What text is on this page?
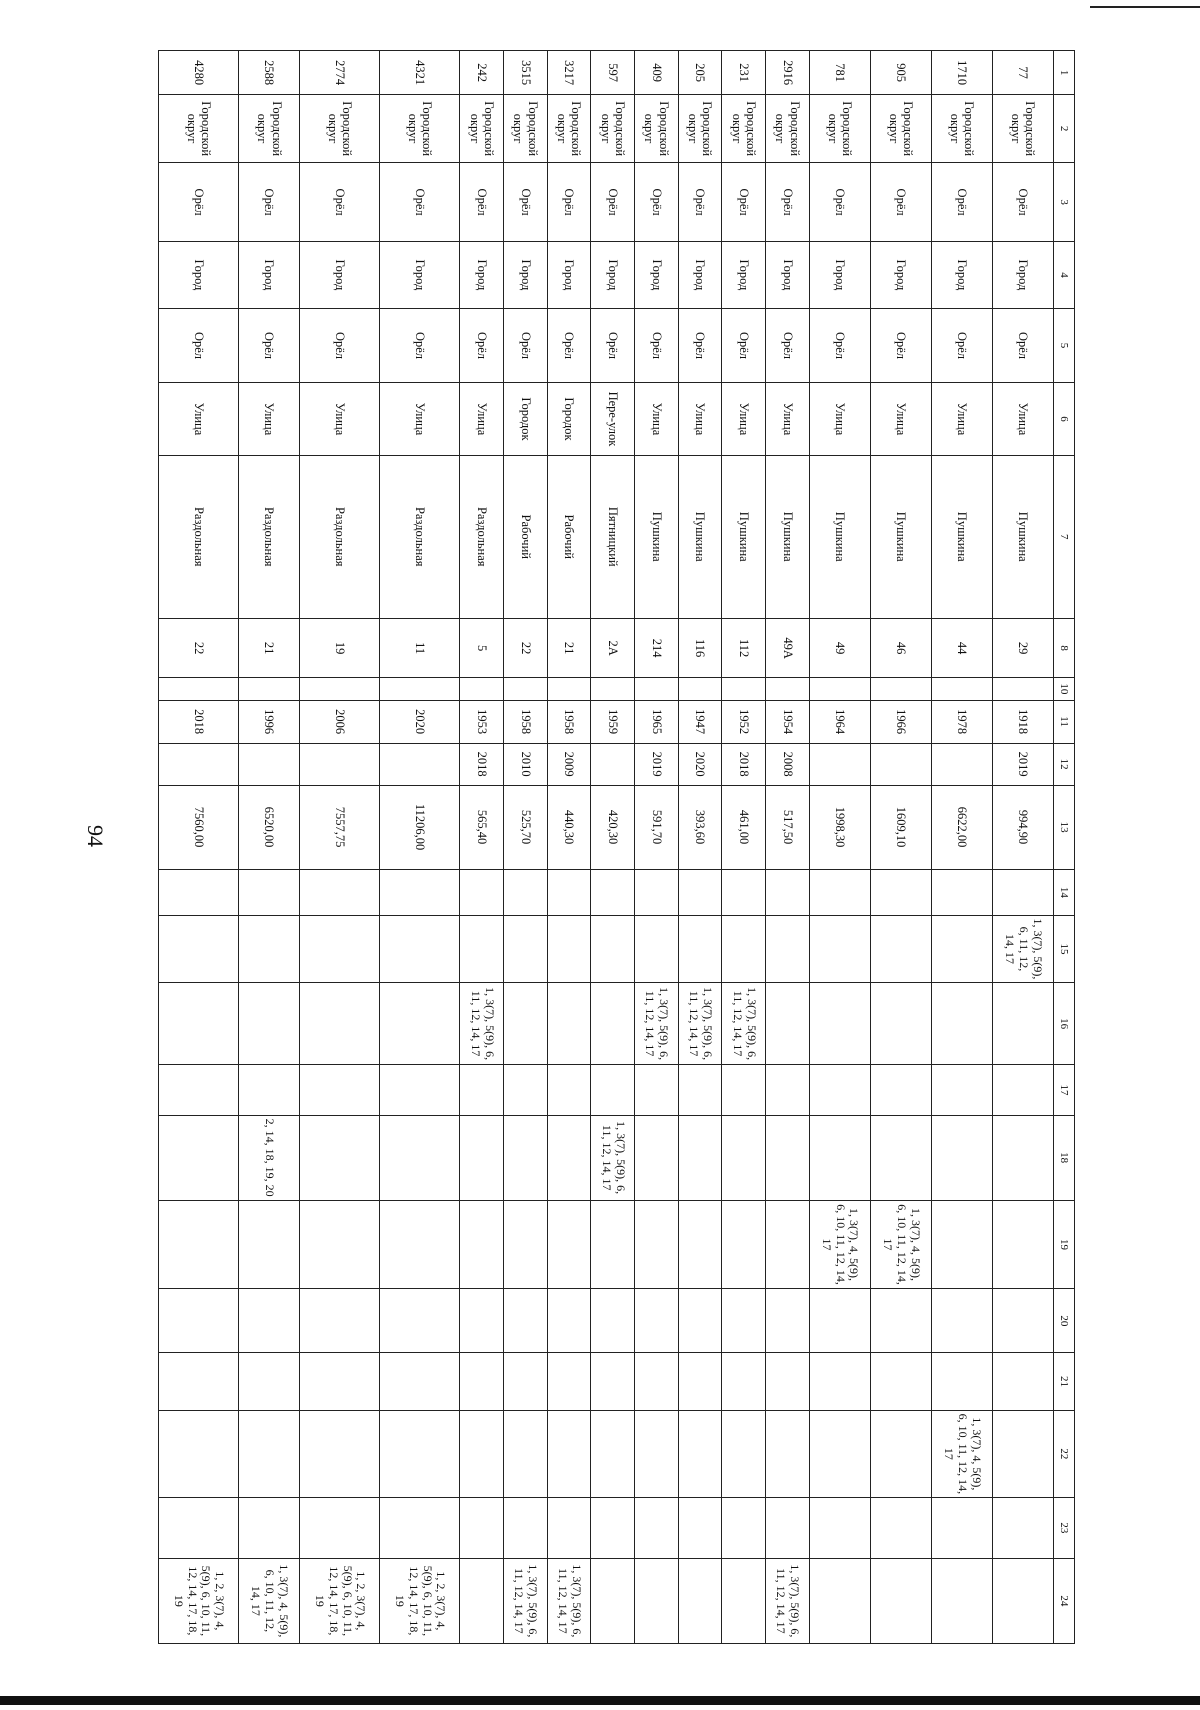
94
1	2	3	4	5	6	7	8	10	11	12	13	14	15	16	17	18	19	20	21	22	23	24
77	Городской округ	Орёл	Город	Орёл	Улица	Пушкина	29		1918	2019	994,90		1, 3(7), 5(9), 6, 11, 12, 14, 17									
1710	Городской округ	Орёл	Город	Орёл	Улица	Пушкина	44		1978		6622,00									1, 3(7), 4, 5(9), 6, 10, 11, 12, 14, 17		
905	Городской округ	Орёл	Город	Орёл	Улица	Пушкина	46		1966		1609,10						1, 3(7), 4, 5(9), 6, 10, 11, 12, 14, 17					
781	Городской округ	Орёл	Город	Орёл	Улица	Пушкина	49		1964		1998,30						1, 3(7), 4, 5(9), 6, 10, 11, 12, 14, 17					
2916	Городской округ	Орёл	Город	Орёл	Улица	Пушкина	49А		1954	2008	517,50											1, 3(7), 5(9), 6, 11, 12, 14, 17
231	Городской округ	Орёл	Город	Орёл	Улица	Пушкина	112		1952	2018	461,00			1, 3(7), 5(9), 6, 11, 12, 14, 17								
205	Городской округ	Орёл	Город	Орёл	Улица	Пушкина	116		1947	2020	393,60			1, 3(7), 5(9), 6, 11, 12, 14, 17								
409	Городской округ	Орёл	Город	Орёл	Улица	Пушкина	214		1965	2019	591,70			1, 3(7), 5(9), 6, 11, 12, 14, 17								
597	Городской округ	Орёл	Город	Орёл	Пере-улок	Пятницкий	2А		1959		420,30					1, 3(7), 5(9), 6, 11, 12, 14, 17						
3217	Городской округ	Орёл	Город	Орёл	Городок	Рабочий	21		1958	2009	440,30											1, 3(7), 5(9), 6, 11, 12, 14, 17
3515	Городской округ	Орёл	Город	Орёл	Городок	Рабочий	22		1958	2010	525,70											1, 3(7), 5(9), 6, 11, 12, 14, 17
242	Городской округ	Орёл	Город	Орёл	Улица	Раздольная	5		1953	2018	565,40			1, 3(7), 5(9), 6, 11, 12, 14, 17								
4321	Городской округ	Орёл	Город	Орёл	Улица	Раздольная	11		2020		11206,00											1, 2, 3(7), 4, 5(9), 6, 10, 11, 12, 14, 17, 18, 19
2774	Городской округ	Орёл	Город	Орёл	Улица	Раздольная	19		2006		7557,75											1, 2, 3(7), 4, 5(9), 6, 10, 11, 12, 14, 17, 18, 19
2588	Городской округ	Орёл	Город	Орёл	Улица	Раздольная	21		1996		6520,00					2, 14, 18, 19, 20						1, 3(7), 4, 5(9), 6, 10, 11, 12, 14, 17
4280	Городской округ	Орёл	Город	Орёл	Улица	Раздольная	22		2018		7560,00											1, 2, 3(7), 4, 5(9), 6, 10, 11, 12, 14, 17, 18, 19
